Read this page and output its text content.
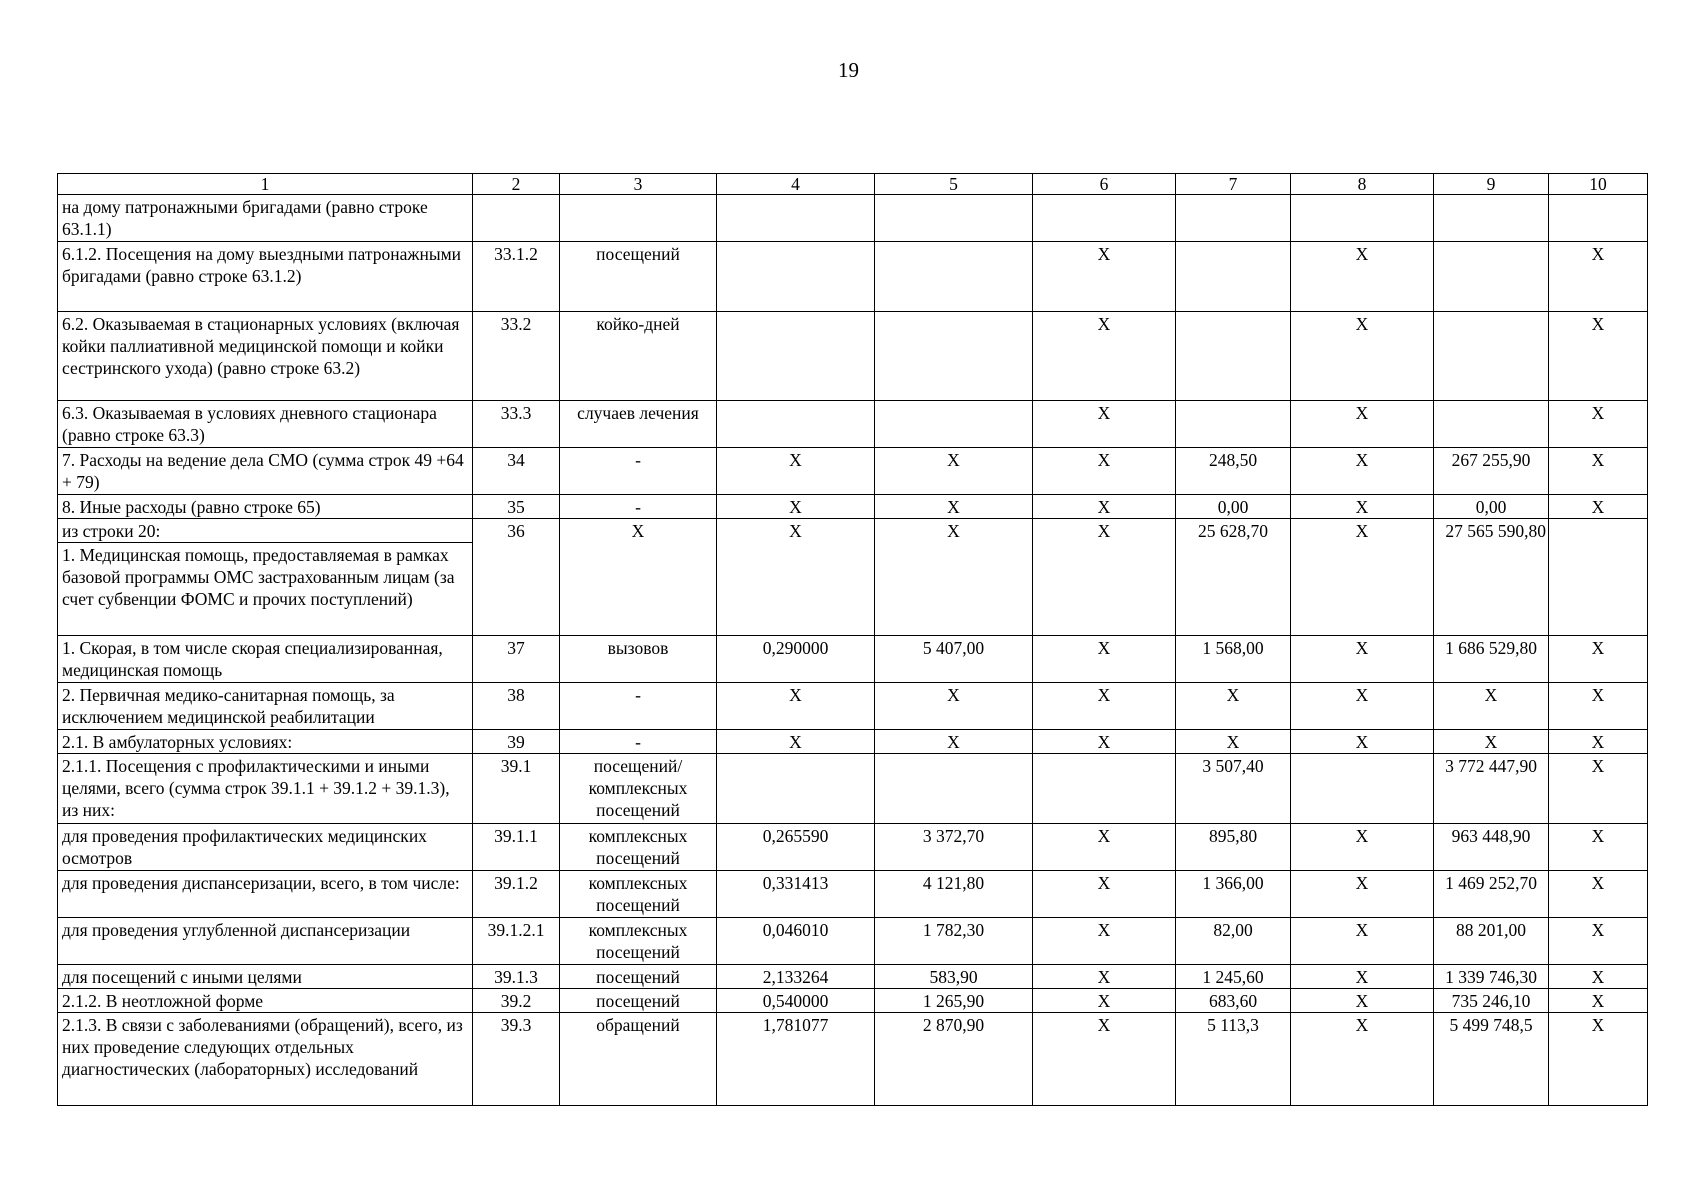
19
1	2	3	4	5	6	7	8	9	10
на дому патронажными бригадами (равно строке 63.1.1)									
6.1.2. Посещения на дому выездными патронажными бригадами (равно строке 63.1.2)	33.1.2	посещений			Х		Х		Х
6.2. Оказываемая в стационарных условиях (включая койки паллиативной медицинской помощи и койки сестринского ухода) (равно строке 63.2)	33.2	койко-дней			Х		Х		Х
6.3. Оказываемая в условиях дневного стационара (равно строке 63.3)	33.3	случаев лечения			Х		Х		Х
7. Расходы на ведение дела СМО (сумма строк 49 +64 + 79)	34	-	Х	Х	Х	248,50	Х	267 255,90	Х
8. Иные расходы (равно строке 65)	35	-	Х	Х	Х	0,00	Х	0,00	Х
из строки 20:	36	Х	Х	Х	Х	25 628,70	Х	27 565 590,80	
1. Медицинская помощь, предоставляемая в рамках базовой программы ОМС застрахованным лицам (за счет субвенции ФОМС и прочих поступлений)									
1. Скорая, в том числе скорая специализированная, медицинская помощь	37	вызовов	0,290000	5 407,00	Х	1 568,00	Х	1 686 529,80	Х
2. Первичная медико-санитарная помощь, за исключением медицинской реабилитации	38	-	Х	Х	Х	Х	Х	Х	Х
2.1. В амбулаторных условиях:	39	-	Х	Х	Х	Х	Х	Х	Х
2.1.1. Посещения с профилактическими и иными целями, всего (сумма строк 39.1.1 + 39.1.2 + 39.1.3), из них:	39.1	посещений/ комплексных посещений				3 507,40		3 772 447,90	Х
для проведения профилактических медицинских осмотров	39.1.1	комплексных посещений	0,265590	3 372,70	Х	895,80	Х	963 448,90	Х
для проведения диспансеризации, всего, в том числе:	39.1.2	комплексных посещений	0,331413	4 121,80	Х	1 366,00	Х	1 469 252,70	Х
для проведения углубленной диспансеризации	39.1.2.1	комплексных посещений	0,046010	1 782,30	Х	82,00	Х	88 201,00	Х
для посещений с иными целями	39.1.3	посещений	2,133264	583,90	Х	1 245,60	Х	1 339 746,30	Х
2.1.2. В неотложной форме	39.2	посещений	0,540000	1 265,90	Х	683,60	Х	735 246,10	Х
2.1.3. В связи с заболеваниями (обращений), всего, из них проведение следующих отдельных диагностических (лабораторных) исследований	39.3	обращений	1,781077	2 870,90	Х	5 113,3	Х	5 499 748,5	Х
